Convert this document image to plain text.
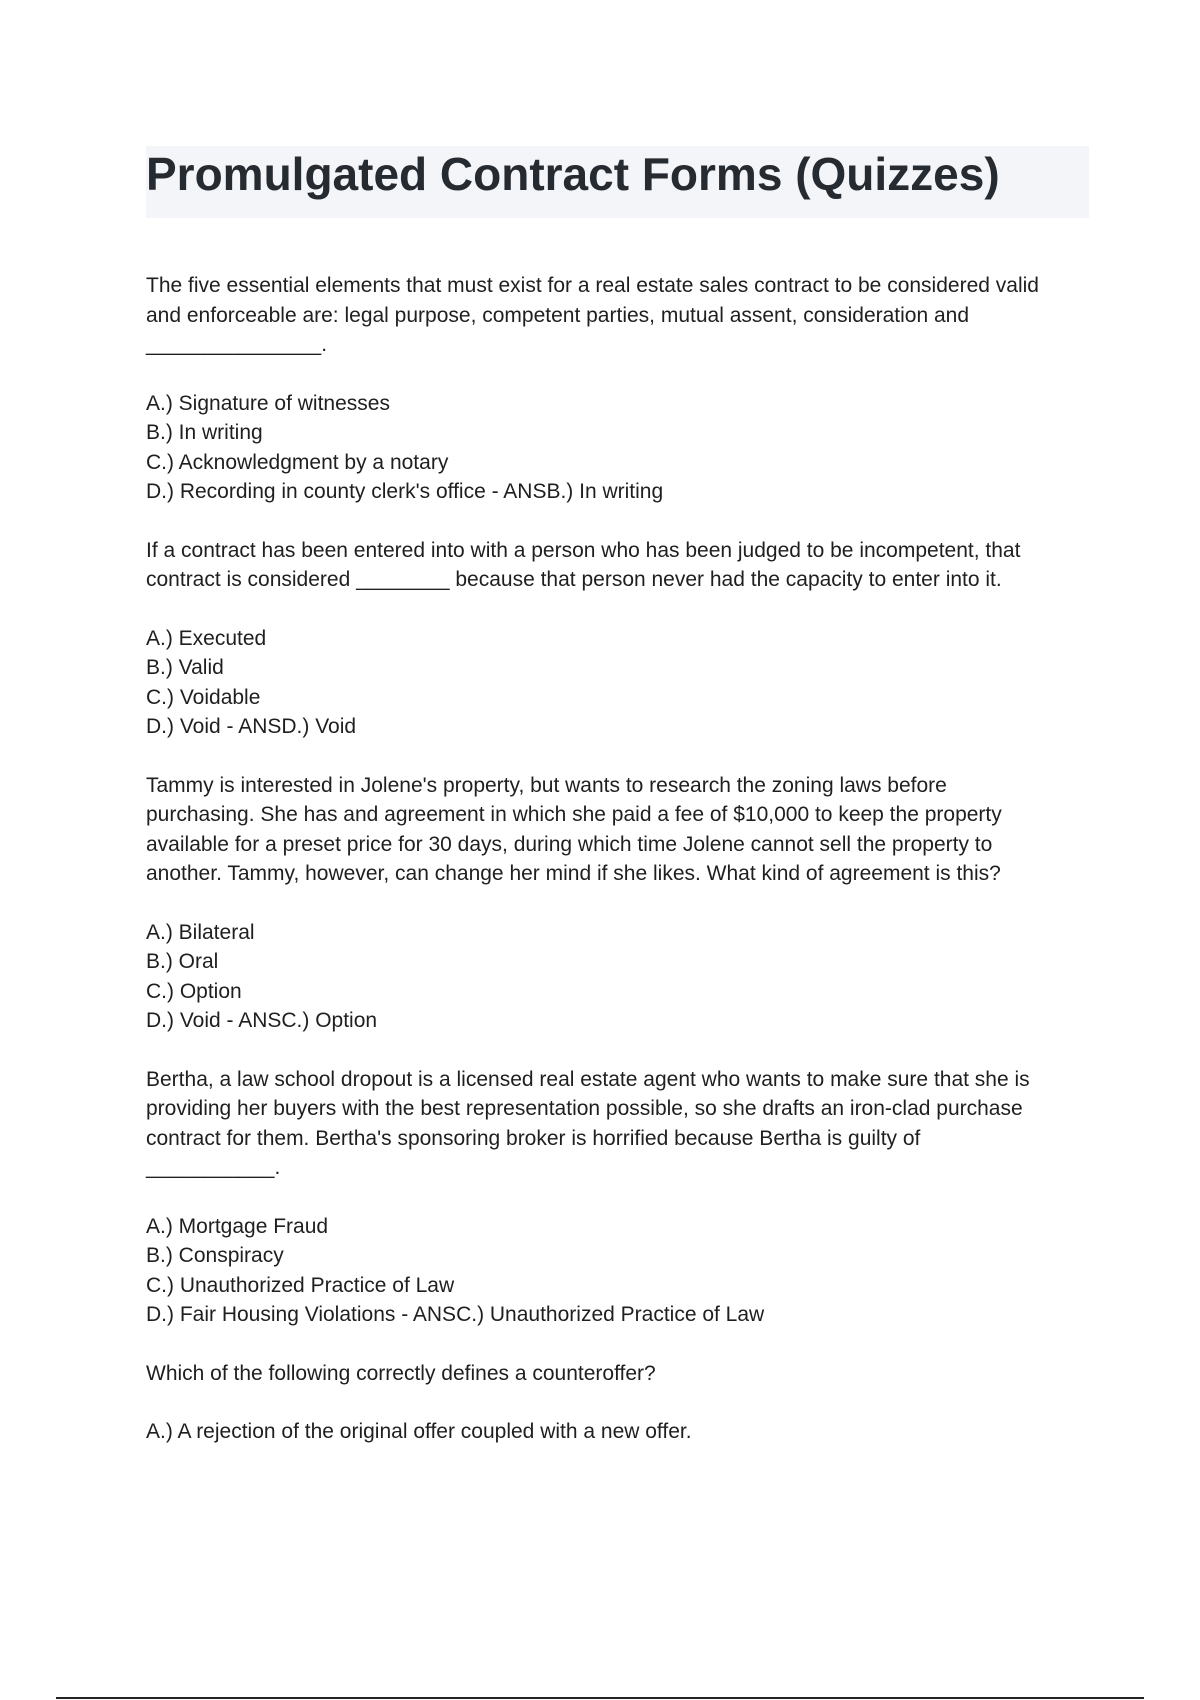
Promulgated Contract Forms (Quizzes)

The five essential elements that must exist for a real estate sales contract to be considered valid
and enforceable are: legal purpose, competent parties, mutual assent, consideration and
_______________.

A.) Signature of witnesses
B.) In writing
C.) Acknowledgment by a notary
D.) Recording in county clerk's office - ANSB.) In writing

If a contract has been entered into with a person who has been judged to be incompetent, that
contract is considered ________ because that person never had the capacity to enter into it.

A.) Executed
B.) Valid
C.) Voidable
D.) Void - ANSD.) Void

Tammy is interested in Jolene's property, but wants to research the zoning laws before
purchasing. She has and agreement in which she paid a fee of $10,000 to keep the property
available for a preset price for 30 days, during which time Jolene cannot sell the property to
another. Tammy, however, can change her mind if she likes. What kind of agreement is this?

A.) Bilateral
B.) Oral
C.) Option
D.) Void - ANSC.) Option

Bertha, a law school dropout is a licensed real estate agent who wants to make sure that she is
providing her buyers with the best representation possible, so she drafts an iron-clad purchase
contract for them. Bertha's sponsoring broker is horrified because Bertha is guilty of
___________.

A.) Mortgage Fraud
B.) Conspiracy
C.) Unauthorized Practice of Law
D.) Fair Housing Violations - ANSC.) Unauthorized Practice of Law

Which of the following correctly defines a counteroffer?

A.) A rejection of the original offer coupled with a new offer.
